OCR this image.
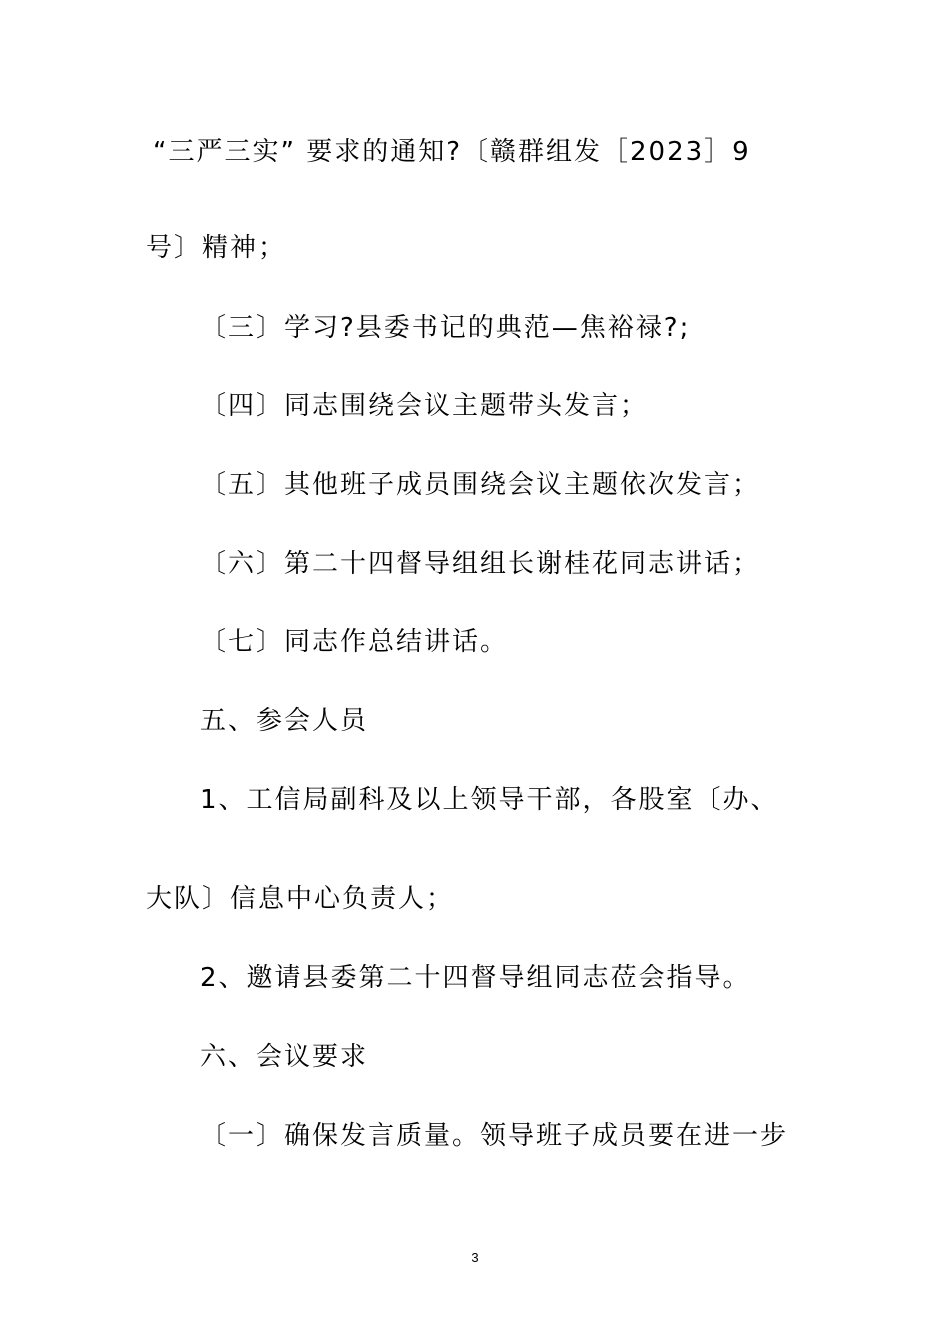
“三严三实” 要求的通知?〔赣群组发［2023］9
号〕精神；
〔三〕学习?县委书记的典范—焦裕禄?;
〔四〕同志围绕会议主题带头发言；
〔五〕其他班子成员围绕会议主题依次发言；
〔六〕第二十四督导组组长谢桂花同志讲话；
〔七〕同志作总结讲话。
五、参会人员
1、工信局副科及以上领导干部，各股室〔办、
大队〕信息中心负责人；
2、邀请县委第二十四督导组同志莅会指导。
六、会议要求
〔一〕确保发言质量。领导班子成员要在进一步
3
